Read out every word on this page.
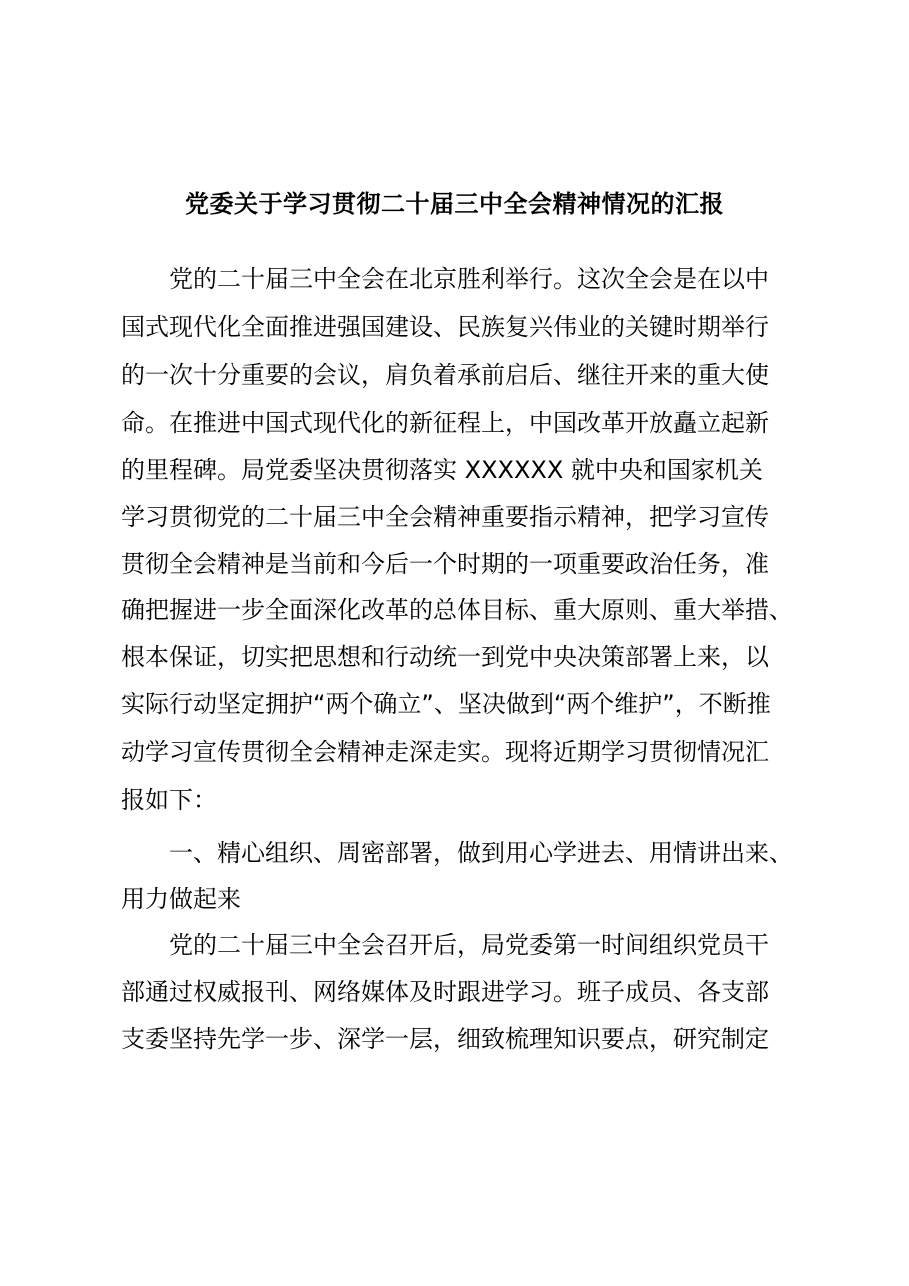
党委关于学习贯彻二十届三中全会精神情况的汇报
党的二十届三中全会在北京胜利举行。这次全会是在以中
国式现代化全面推进强国建设、民族复兴伟业的关键时期举行
的一次十分重要的会议，肩负着承前启后、继往开来的重大使
命。在推进中国式现代化的新征程上，中国改革开放矗立起新
的里程碑。局党委坚决贯彻落实 XXXXXX 就中央和国家机关
学习贯彻党的二十届三中全会精神重要指示精神，把学习宣传
贯彻全会精神是当前和今后一个时期的一项重要政治任务，准
确把握进一步全面深化改革的总体目标、重大原则、重大举措、
根本保证，切实把思想和行动统一到党中央决策部署上来，以
实际行动坚定拥护“两个确立”、坚决做到“两个维护”，不断推
动学习宣传贯彻全会精神走深走实。现将近期学习贯彻情况汇
报如下：
一、精心组织、周密部署，做到用心学进去、用情讲出来、
用力做起来
党的二十届三中全会召开后，局党委第一时间组织党员干
部通过权威报刊、网络媒体及时跟进学习。班子成员、各支部
支委坚持先学一步、深学一层，细致梳理知识要点，研究制定
